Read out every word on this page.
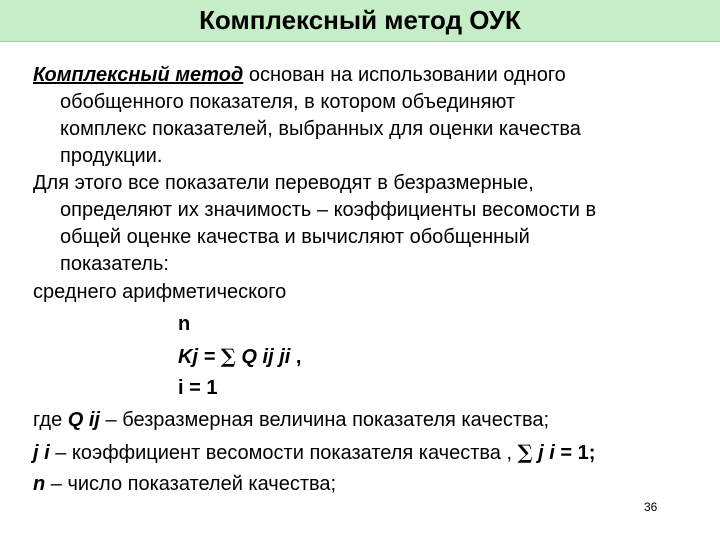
Комплексный метод ОУК
Комплексный метод основан на использовании одного
обобщенного показателя, в котором объединяют
комплекс показателей, выбранных для оценки качества
продукции.
Для этого все показатели переводят в безразмерные,
определяют их значимость – коэффициенты весомости в
общей оценке качества и вычисляют обобщенный
показатель:
среднего арифметического
n
Kj = ∑ Q ij ji ,
i = 1
где Q ij – безразмерная величина показателя качества;
j i – коэффициент весомости показателя качества , ∑ j i = 1;
n – число показателей качества;
36
